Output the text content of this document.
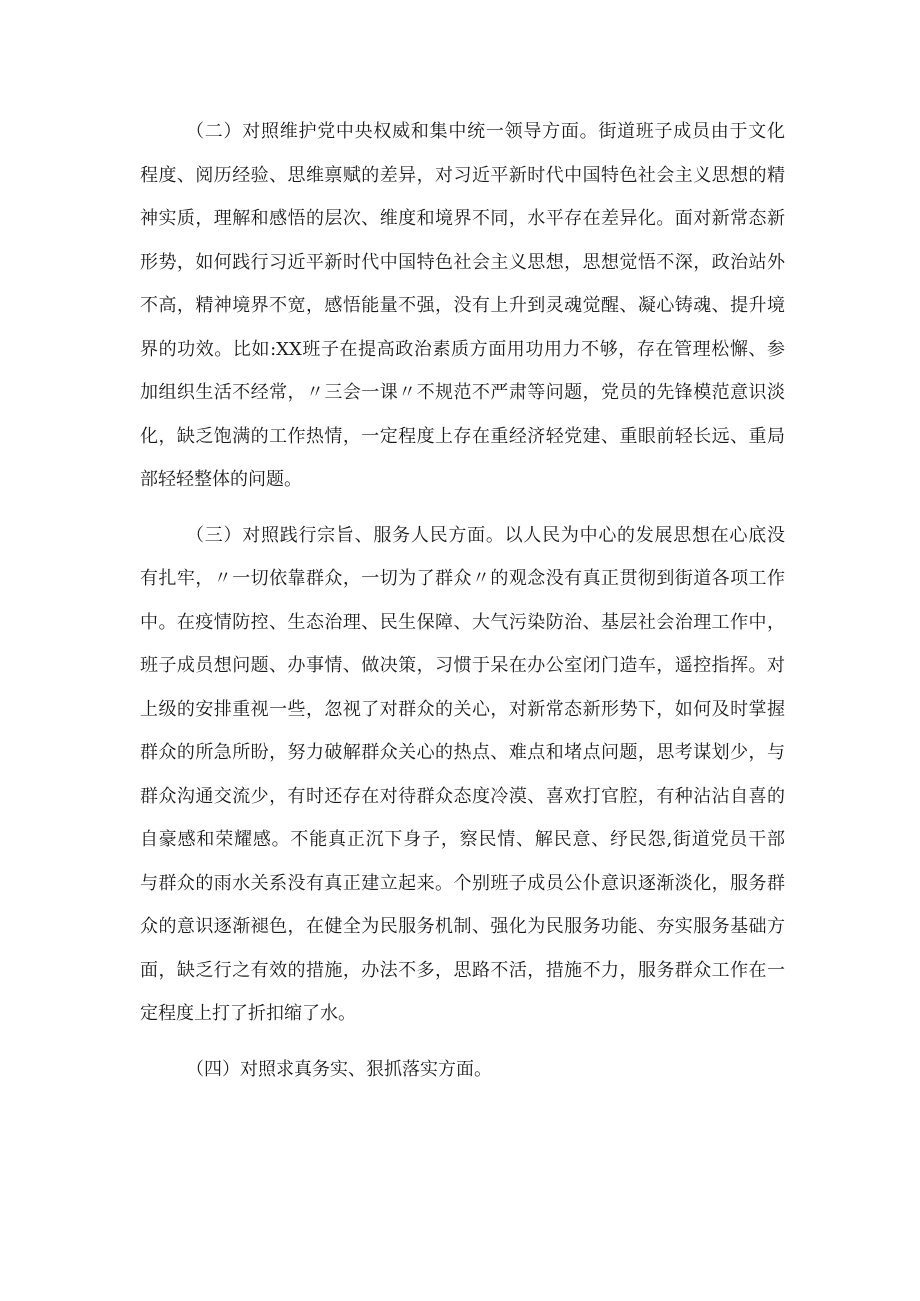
（二）对照维护党中央权威和集中统一领导方面。街道班子成员由于文化
程度、阅历经验、思维禀赋的差异，对习近平新时代中国特色社会主义思想的精
神实质，理解和感悟的层次、维度和境界不同，水平存在差异化。面对新常态新
形势，如何践行习近平新时代中国特色社会主义思想，思想觉悟不深，政治站外
不高，精神境界不宽，感悟能量不强，没有上升到灵魂觉醒、凝心铸魂、提升境
界的功效。比如:XX班子在提高政治素质方面用功用力不够，存在管理松懈、参
加组织生活不经常，〃三会一课〃不规范不严肃等问题，党员的先锋模范意识淡
化，缺乏饱满的工作热情，一定程度上存在重经济轻党建、重眼前轻长远、重局
部轻轻整体的问题。
（三）对照践行宗旨、服务人民方面。以人民为中心的发展思想在心底没
有扎牢，〃一切依靠群众，一切为了群众〃的观念没有真正贯彻到街道各项工作
中。在疫情防控、生态治理、民生保障、大气污染防治、基层社会治理工作中，
班子成员想问题、办事情、做决策，习惯于呆在办公室闭门造车，遥控指挥。对
上级的安排重视一些，忽视了对群众的关心，对新常态新形势下，如何及时掌握
群众的所急所盼，努力破解群众关心的热点、难点和堵点问题，思考谋划少，与
群众沟通交流少，有时还存在对待群众态度冷漠、喜欢打官腔，有种沾沾自喜的
自豪感和荣耀感。不能真正沉下身子，察民情、解民意、纾民怨,街道党员干部
与群众的雨水关系没有真正建立起来。个别班子成员公仆意识逐渐淡化，服务群
众的意识逐渐褪色，在健全为民服务机制、强化为民服务功能、夯实服务基础方
面，缺乏行之有效的措施，办法不多，思路不活，措施不力，服务群众工作在一
定程度上打了折扣缩了水。
（四）对照求真务实、狠抓落实方面。
